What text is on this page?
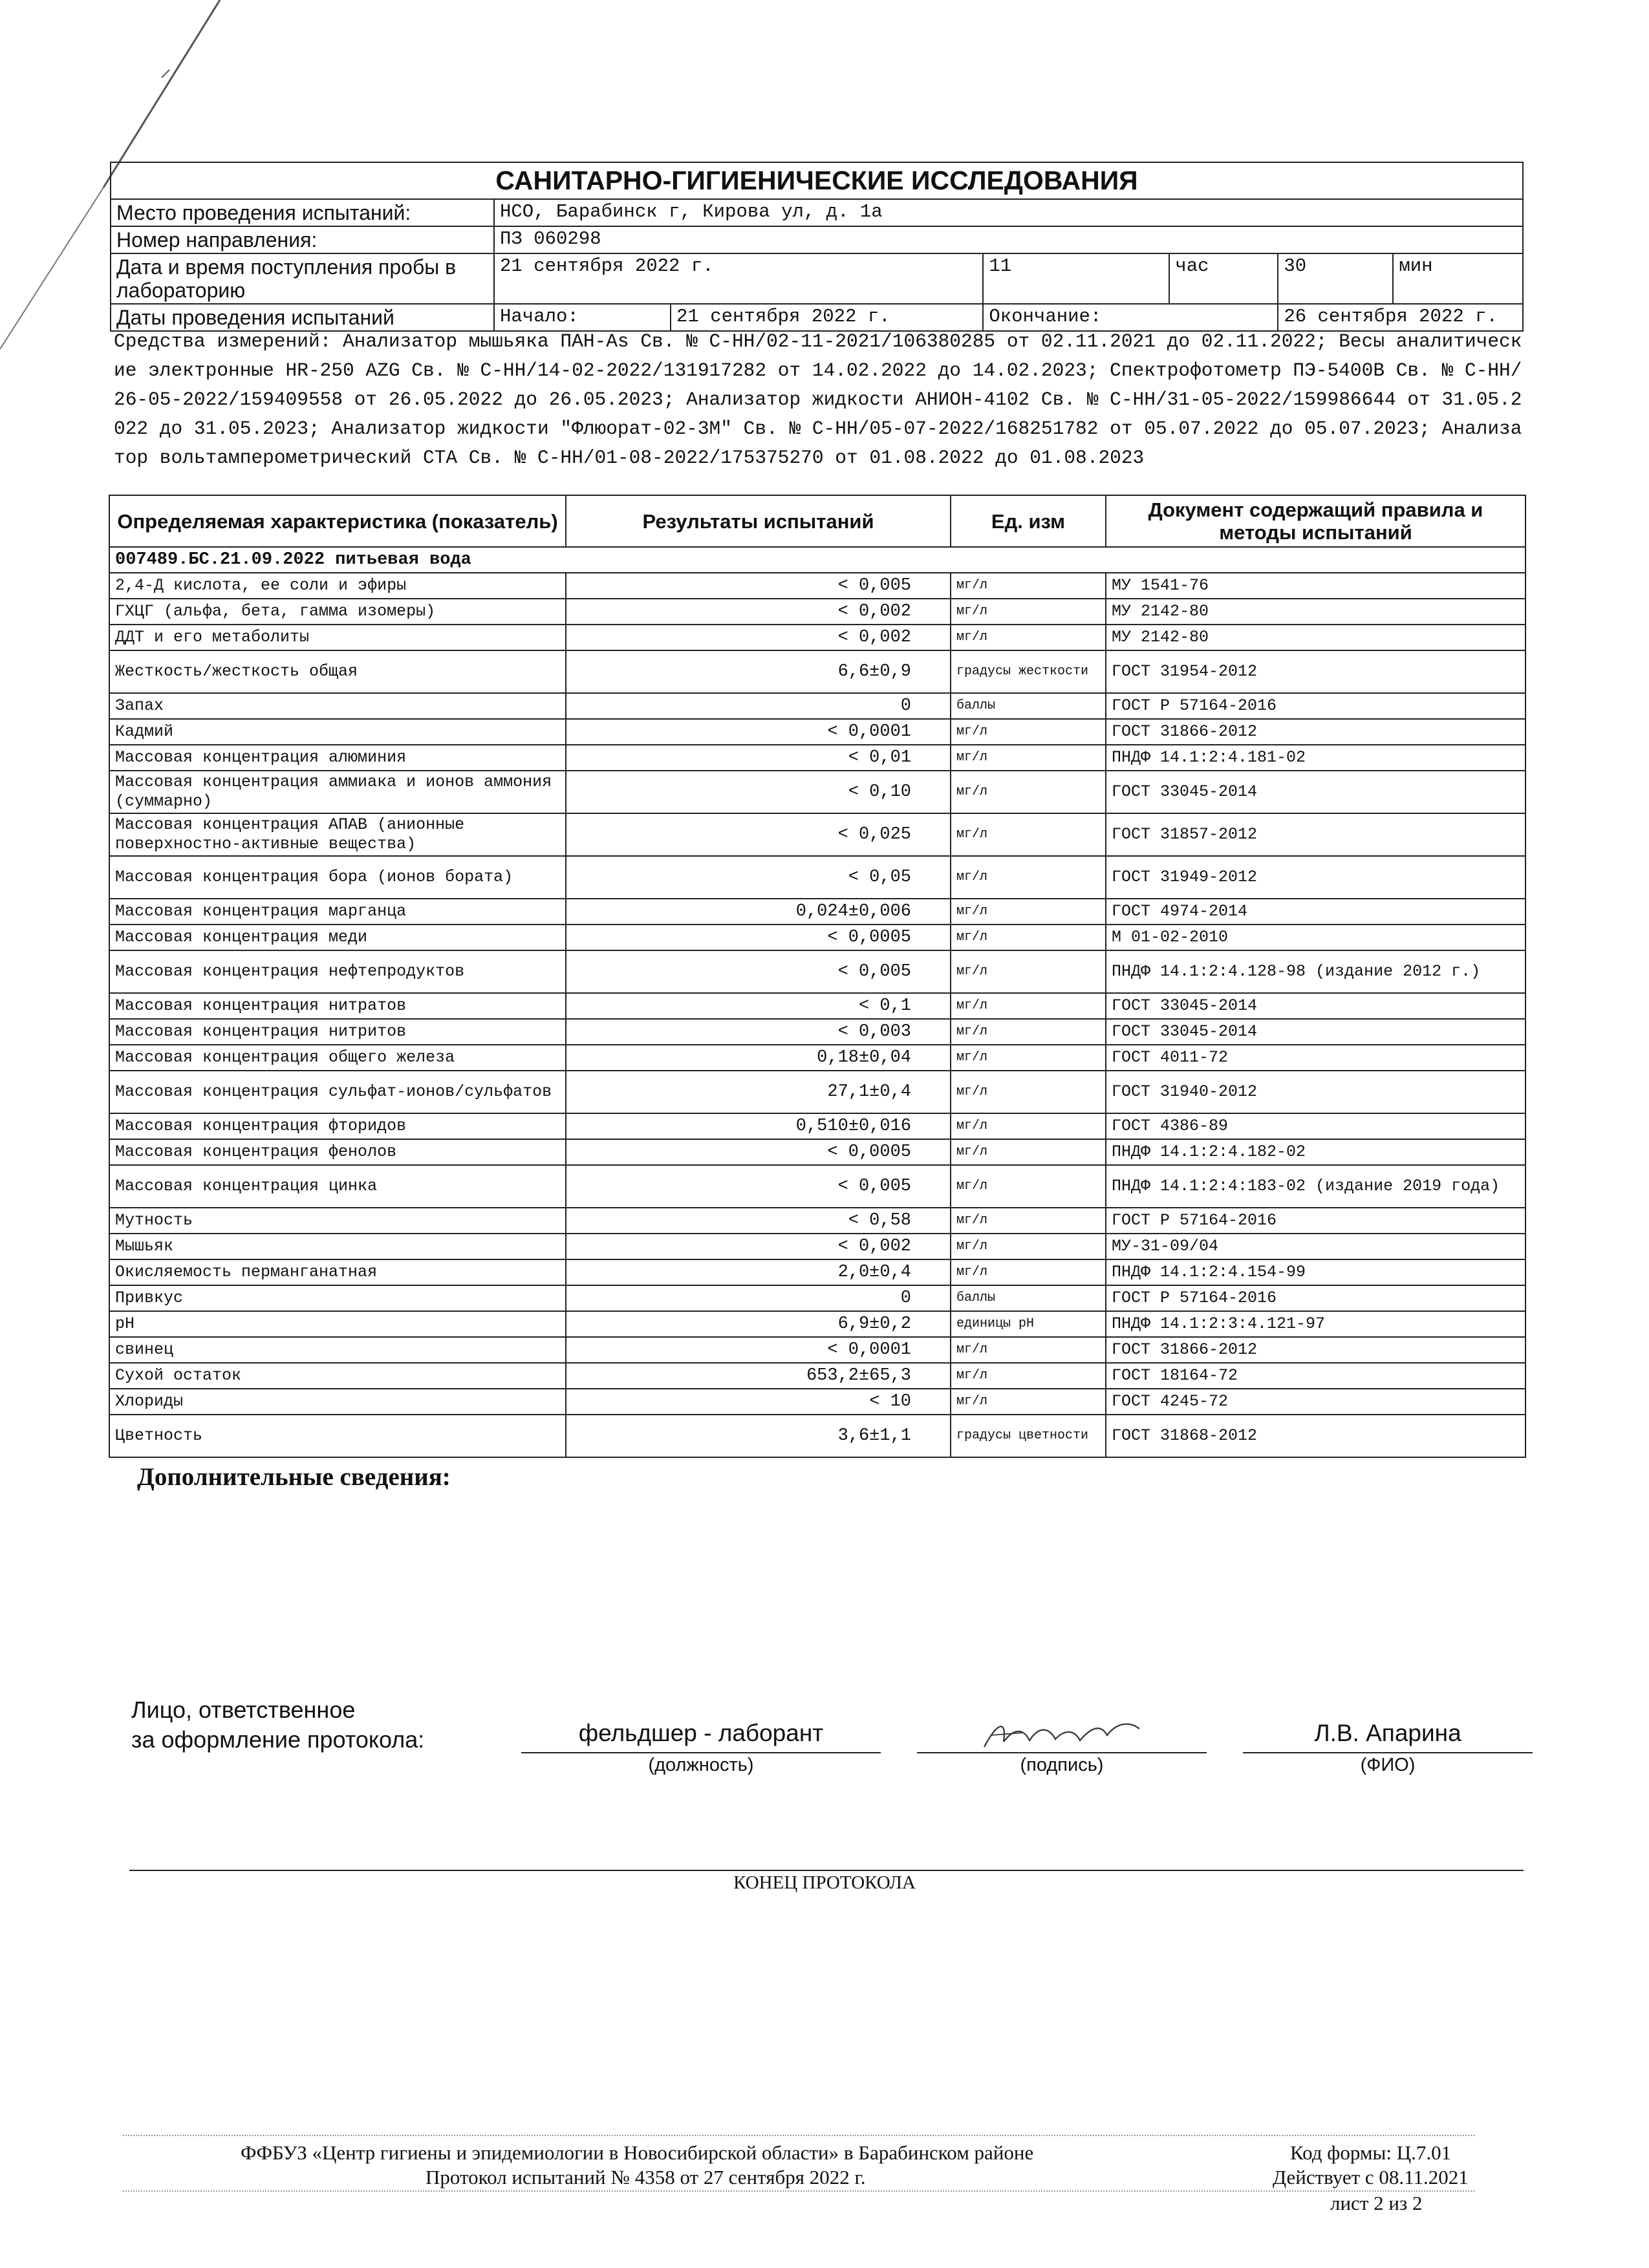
САНИТАРНО-ГИГИЕНИЧЕСКИЕ ИССЛЕДОВАНИЯ
Место проведения испытаний:	НСО, Барабинск г, Кирова ул, д. 1а
Номер направления:	ПЗ 060298
Дата и время поступления пробы в лабораторию	21 сентября 2022 г.	11	час		30	мин

Даты проведения испытаний	Начало:	21 сентября 2022 г.	Окончание:	26 сентября 2022 г.

Средства измерений: Анализатор мышьяка ПАН-As Св. № С-НН/02-11-2021/106380285 от 02.11.2021 до 02.11.2022; Весы аналитические электронные HR-250 AZG Св. № С-НН/14-02-2022/131917282 от 14.02.2022 до 14.02.2023; Спектрофотометр ПЭ-5400В Св. № С-НН/26-05-2022/159409558 от 26.05.2022 до 26.05.2023; Анализатор жидкости АНИОН-4102 Св. № С-НН/31-05-2022/159986644 от 31.05.2022 до 31.05.2023; Анализатор жидкости "Флюорат-02-3М" Св. № С-НН/05-07-2022/168251782 от 05.07.2022 до 05.07.2023; Анализатор вольтамперометрический СТА Св. № С-НН/01-08-2022/175375270 от 01.08.2022 до 01.08.2023

Определяемая характеристика (показатель)	Результаты испытаний	Ед. изм	Документ содержащий правила и методы испытаний
007489.БС.21.09.2022 питьевая вода			
2,4-Д кислота, ее соли и эфиры	< 0,005	мг/л	МУ 1541-76
ГХЦГ (альфа, бета, гамма изомеры)	< 0,002	мг/л	МУ 2142-80
ДДТ и его метаболиты	< 0,002	мг/л	МУ 2142-80
Жесткость/жесткость общая	6,6±0,9	градусы жесткости	ГОСТ 31954-2012
Запах	0	баллы	ГОСТ Р 57164-2016
Кадмий	< 0,0001	мг/л	ГОСТ 31866-2012
Массовая концентрация алюминия	< 0,01	мг/л	ПНДФ 14.1:2:4.181-02
Массовая концентрация аммиака и ионов аммония (суммарно)	< 0,10	мг/л	ГОСТ 33045-2014
Массовая концентрация АПАВ (анионные поверхностно-активные вещества)	< 0,025	мг/л	ГОСТ 31857-2012
Массовая концентрация бора (ионов бората)	< 0,05	мг/л	ГОСТ 31949-2012
Массовая концентрация марганца	0,024±0,006	мг/л	ГОСТ 4974-2014
Массовая концентрация меди	< 0,0005	мг/л	М 01-02-2010
Массовая концентрация нефтепродуктов	< 0,005	мг/л	ПНДФ 14.1:2:4.128-98 (издание 2012 г.)
Массовая концентрация нитратов	< 0,1	мг/л	ГОСТ 33045-2014
Массовая концентрация нитритов	< 0,003	мг/л	ГОСТ 33045-2014
Массовая концентрация общего железа	0,18±0,04	мг/л	ГОСТ 4011-72
Массовая концентрация сульфат-ионов/сульфатов	27,1±0,4	мг/л	ГОСТ 31940-2012
Массовая концентрация фторидов	0,510±0,016	мг/л	ГОСТ 4386-89
Массовая концентрация фенолов	< 0,0005	мг/л	ПНДФ 14.1:2:4.182-02
Массовая концентрация цинка	< 0,005	мг/л	ПНДФ 14.1:2:4:183-02 (издание 2019 года)
Мутность	< 0,58	мг/л	ГОСТ Р 57164-2016
Мышьяк	< 0,002	мг/л	МУ-31-09/04
Окисляемость перманганатная	2,0±0,4	мг/л	ПНДФ 14.1:2:4.154-99
Привкус	0	баллы	ГОСТ Р 57164-2016
pH	6,9±0,2	единицы pH	ПНДФ 14.1:2:3:4.121-97
свинец	< 0,0001	мг/л	ГОСТ 31866-2012
Сухой остаток	653,2±65,3	мг/л	ГОСТ 18164-72
Хлориды	< 10	мг/л	ГОСТ 4245-72
Цветность	3,6±1,1	градусы цветности	ГОСТ 31868-2012
Дополнительные сведения:
Лицо, ответственное
за оформление протокола:	фельдшер - лаборант
(должность)	(подпись)
Л.В. Апарина
(ФИО)
КОНЕЦ ПРОТОКОЛА
ФФБУЗ «Центр гигиены и эпидемиологии в Новосибирской области» в Барабинском районе
Протокол испытаний № 4358 от 27 сентября 2022 г.
Код формы: Ц.7.01
Действует с 08.11.2021
лист 2 из 2
